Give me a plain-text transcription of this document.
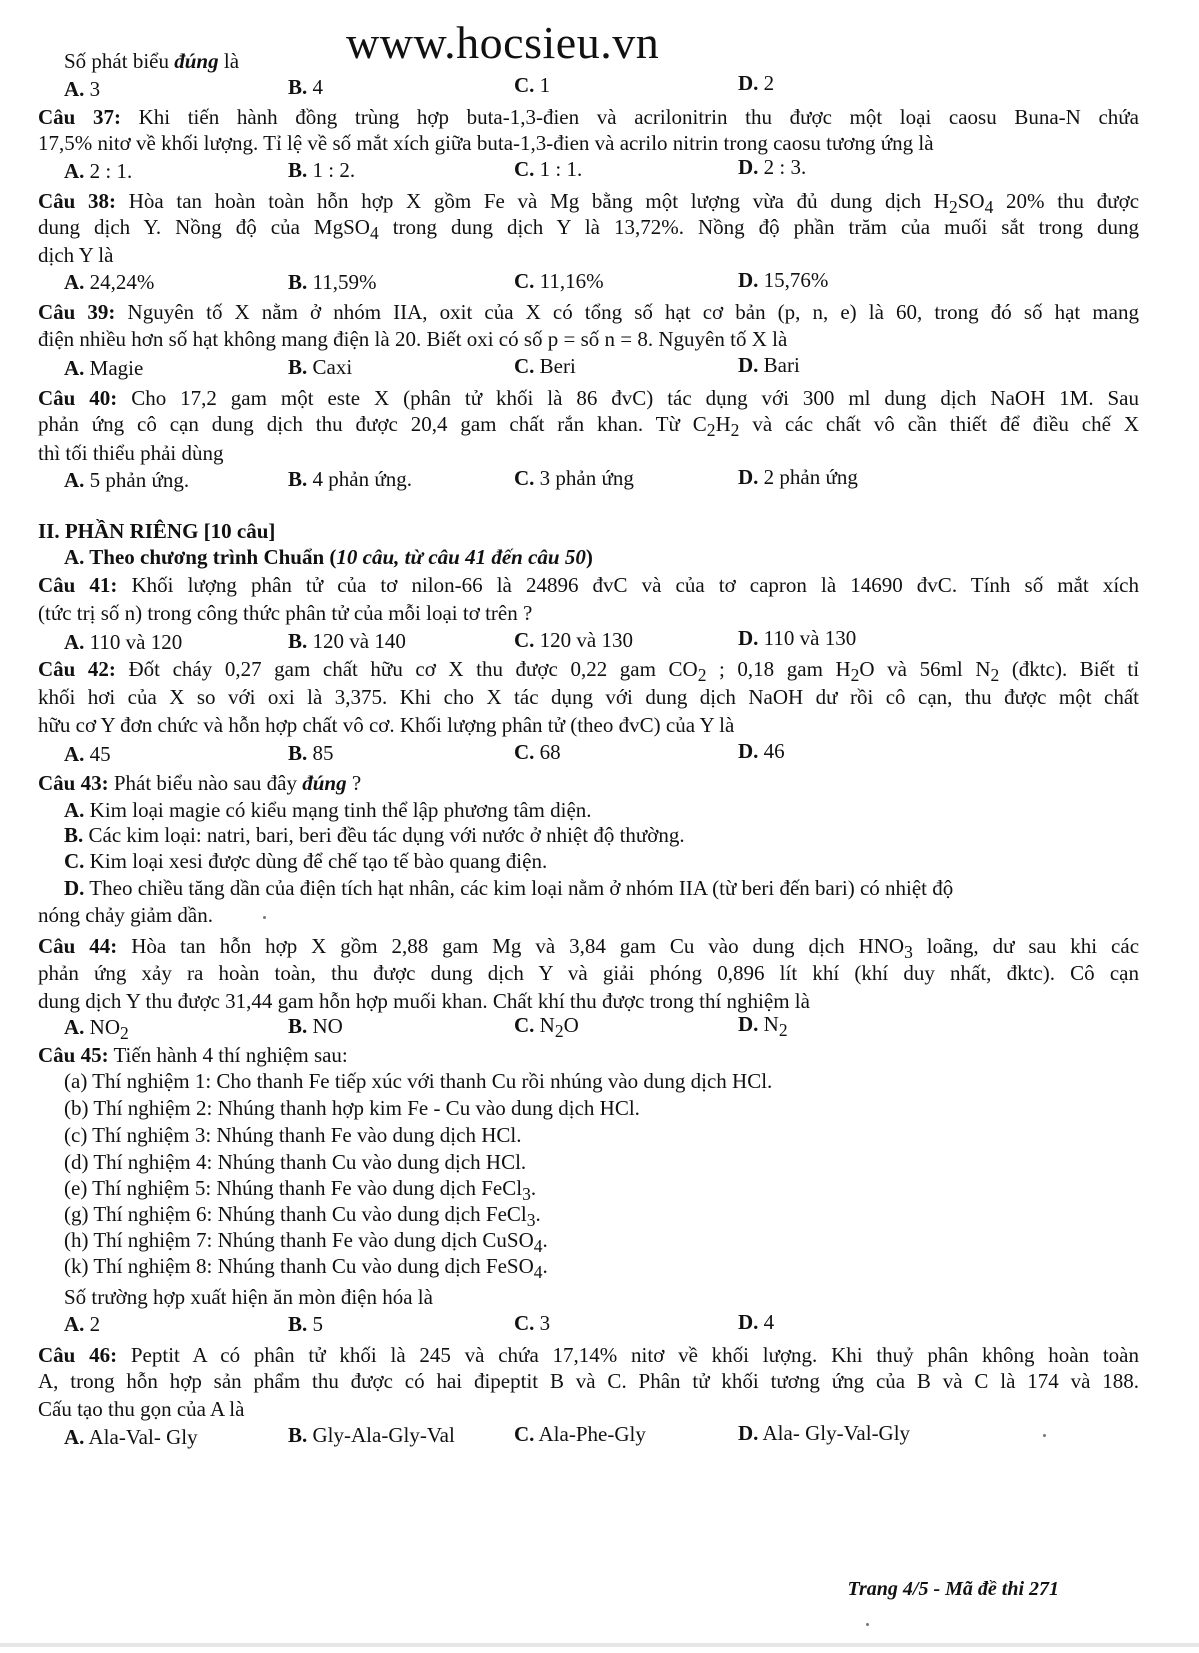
www.hocsieu.vn
Số phát biểu đúng là
A. 3	B. 4	C. 1	D. 2
Câu 37: Khi tiến hành đồng trùng hợp buta-1,3-đien và acrilonitrin thu được một loại caosu Buna-N chứa
17,5% nitơ về khối lượng. Tỉ lệ về số mắt xích giữa buta-1,3-đien và acrilo nitrin trong caosu tương ứng là
A. 2 : 1.	B. 1 : 2.	C. 1 : 1.	D. 2 : 3.
Câu 38: Hòa tan hoàn toàn hỗn hợp X gồm Fe và Mg bằng một lượng vừa đủ dung dịch $H_2SO_4$ 20% thu được
dung dịch Y. Nồng độ của MgSO$_4$ trong dung dịch Y là 13,72%. Nồng độ phần trăm của muối sắt trong dung
dịch Y là
A. 24,24%	B. 11,59%	C. 11,16%	D. 15,76%
Câu 39: Nguyên tố X nằm ở nhóm IIA, oxit của X có tổng số hạt cơ bản (p, n, e) là 60, trong đó số hạt mang
điện nhiều hơn số hạt không mang điện là 20. Biết oxi có số p = số n = 8. Nguyên tố X là
A. Magie	B. Caxi	C. Beri	D. Bari
Câu 40: Cho 17,2 gam một este X (phân tử khối là 86 đvC) tác dụng với 300 ml dung dịch NaOH 1M. Sau
phản ứng cô cạn dung dịch thu được 20,4 gam chất rắn khan. Từ $C_2H_2$ và các chất vô cần thiết để điều chế X
thì tối thiểu phải dùng
A. 5 phản ứng.	B. 4 phản ứng.	C. 3 phản ứng	D. 2 phản ứng
II. PHẦN RIÊNG [10 câu]
A. Theo chương trình Chuẩn (10 câu, từ câu 41 đến câu 50)
Câu 41: Khối lượng phân tử của tơ nilon-66 là 24896 đvC và của tơ capron là 14690 đvC. Tính số mắt xích
(tức trị số n) trong công thức phân tử của mỗi loại tơ trên ?
A. 110 và 120	B. 120 và 140	C. 120 và 130	D. 110 và 130
Câu 42: Đốt cháy 0,27 gam chất hữu cơ X thu được 0,22 gam $CO_2$ ; 0,18 gam $H_2O$ và 56ml $N_2$ (đktc). Biết tỉ
khối hơi của X so với oxi là 3,375. Khi cho X tác dụng với dung dịch NaOH dư rồi cô cạn, thu được một chất
hữu cơ Y đơn chức và hỗn hợp chất vô cơ. Khối lượng phân tử (theo đvC) của Y là
A. 45	B. 85	C. 68	D. 46
Câu 43: Phát biểu nào sau đây đúng ?
A. Kim loại magie có kiểu mạng tinh thể lập phương tâm diện.
B. Các kim loại: natri, bari, beri đều tác dụng với nước ở nhiệt độ thường.
C. Kim loại xesi được dùng để chế tạo tế bào quang điện.
D. Theo chiều tăng dần của điện tích hạt nhân, các kim loại nằm ở nhóm IIA (từ beri đến bari) có nhiệt độ
nóng chảy giảm dần.
Câu 44: Hòa tan hỗn hợp X gồm 2,88 gam Mg và 3,84 gam Cu vào dung dịch $HNO_3$ loãng, dư sau khi các
phản ứng xảy ra hoàn toàn, thu được dung dịch Y và giải phóng 0,896 lít khí (khí duy nhất, đktc). Cô cạn
dung dịch Y thu được 31,44 gam hỗn hợp muối khan. Chất khí thu được trong thí nghiệm là
A. $NO_2$	B. NO	C. $N_2O$	D. $N_2$
Câu 45: Tiến hành 4 thí nghiệm sau:
(a) Thí nghiệm 1: Cho thanh Fe tiếp xúc với thanh Cu rồi nhúng vào dung dịch HCl.
(b) Thí nghiệm 2: Nhúng thanh hợp kim Fe - Cu vào dung dịch HCl.
(c) Thí nghiệm 3: Nhúng thanh Fe vào dung dịch HCl.
(d) Thí nghiệm 4: Nhúng thanh Cu vào dung dịch HCl.
(e) Thí nghiệm 5: Nhúng thanh Fe vào dung dịch FeCl$_3$.
(g) Thí nghiệm 6: Nhúng thanh Cu vào dung dịch FeCl$_3$.
(h) Thí nghiệm 7: Nhúng thanh Fe vào dung dịch CuSO$_4$.
(k) Thí nghiệm 8: Nhúng thanh Cu vào dung dịch FeSO$_4$.
Số trường hợp xuất hiện ăn mòn điện hóa là
A. 2	B. 5	C. 3	D. 4
Câu 46: Peptit A có phân tử khối là 245 và chứa 17,14% nitơ về khối lượng. Khi thuỷ phân không hoàn toàn
A, trong hỗn hợp sản phẩm thu được có hai đipeptit B và C. Phân tử khối tương ứng của B và C là 174 và 188.
Cấu tạo thu gọn của A là
A. Ala-Val- Gly	B. Gly-Ala-Gly-Val	C. Ala-Phe-Gly	D. Ala- Gly-Val-Gly
Trang 4/5 - Mã đề thi 271
